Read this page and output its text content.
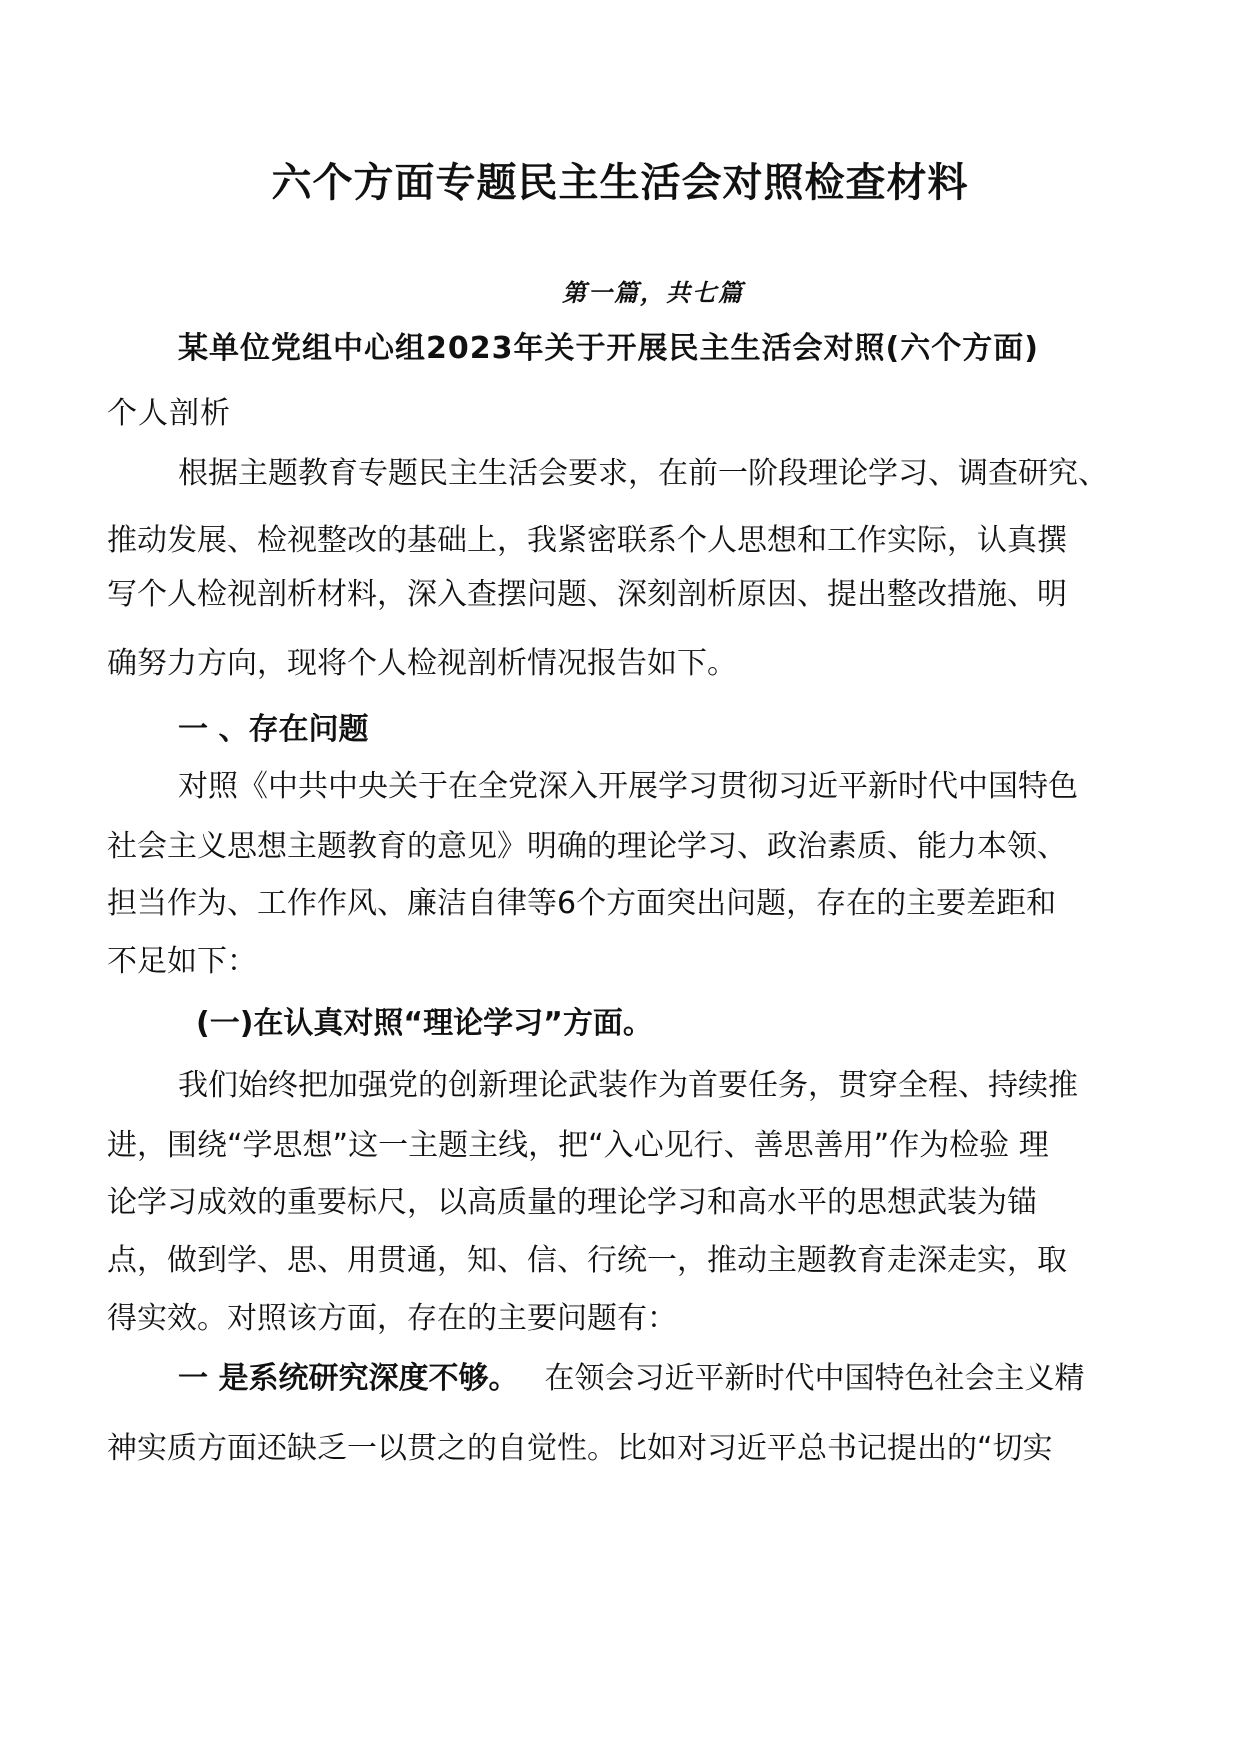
六个方面专题民主生活会对照检查材料
第一篇，共七篇
某单位党组中心组2023年关于开展民主生活会对照(六个方面)
个人剖析
根据主题教育专题民主生活会要求，在前一阶段理论学习、调查研究、
推动发展、检视整改的基础上，我紧密联系个人思想和工作实际，认真撰
写个人检视剖析材料，深入查摆问题、深刻剖析原因、提出整改措施、明
确努力方向，现将个人检视剖析情况报告如下。
一 、存在问题
对照《中共中央关于在全党深入开展学习贯彻习近平新时代中国特色
社会主义思想主题教育的意见》明确的理论学习、政治素质、能力本领、
担当作为、工作作风、廉洁自律等6个方面突出问题，存在的主要差距和
不足如下：
(一)在认真对照“理论学习”方面。
我们始终把加强党的创新理论武装作为首要任务，贯穿全程、持续推
进，围绕“学思想”这一主题主线，把“入心见行、善思善用”作为检验 理
论学习成效的重要标尺，以高质量的理论学习和高水平的思想武装为锚
点，做到学、思、用贯通，知、信、行统一，推动主题教育走深走实，取
得实效。对照该方面，存在的主要问题有：
一 是系统研究深度不够。 在领会习近平新时代中国特色社会主义精
神实质方面还缺乏一以贯之的自觉性。比如对习近平总书记提出的“切实
